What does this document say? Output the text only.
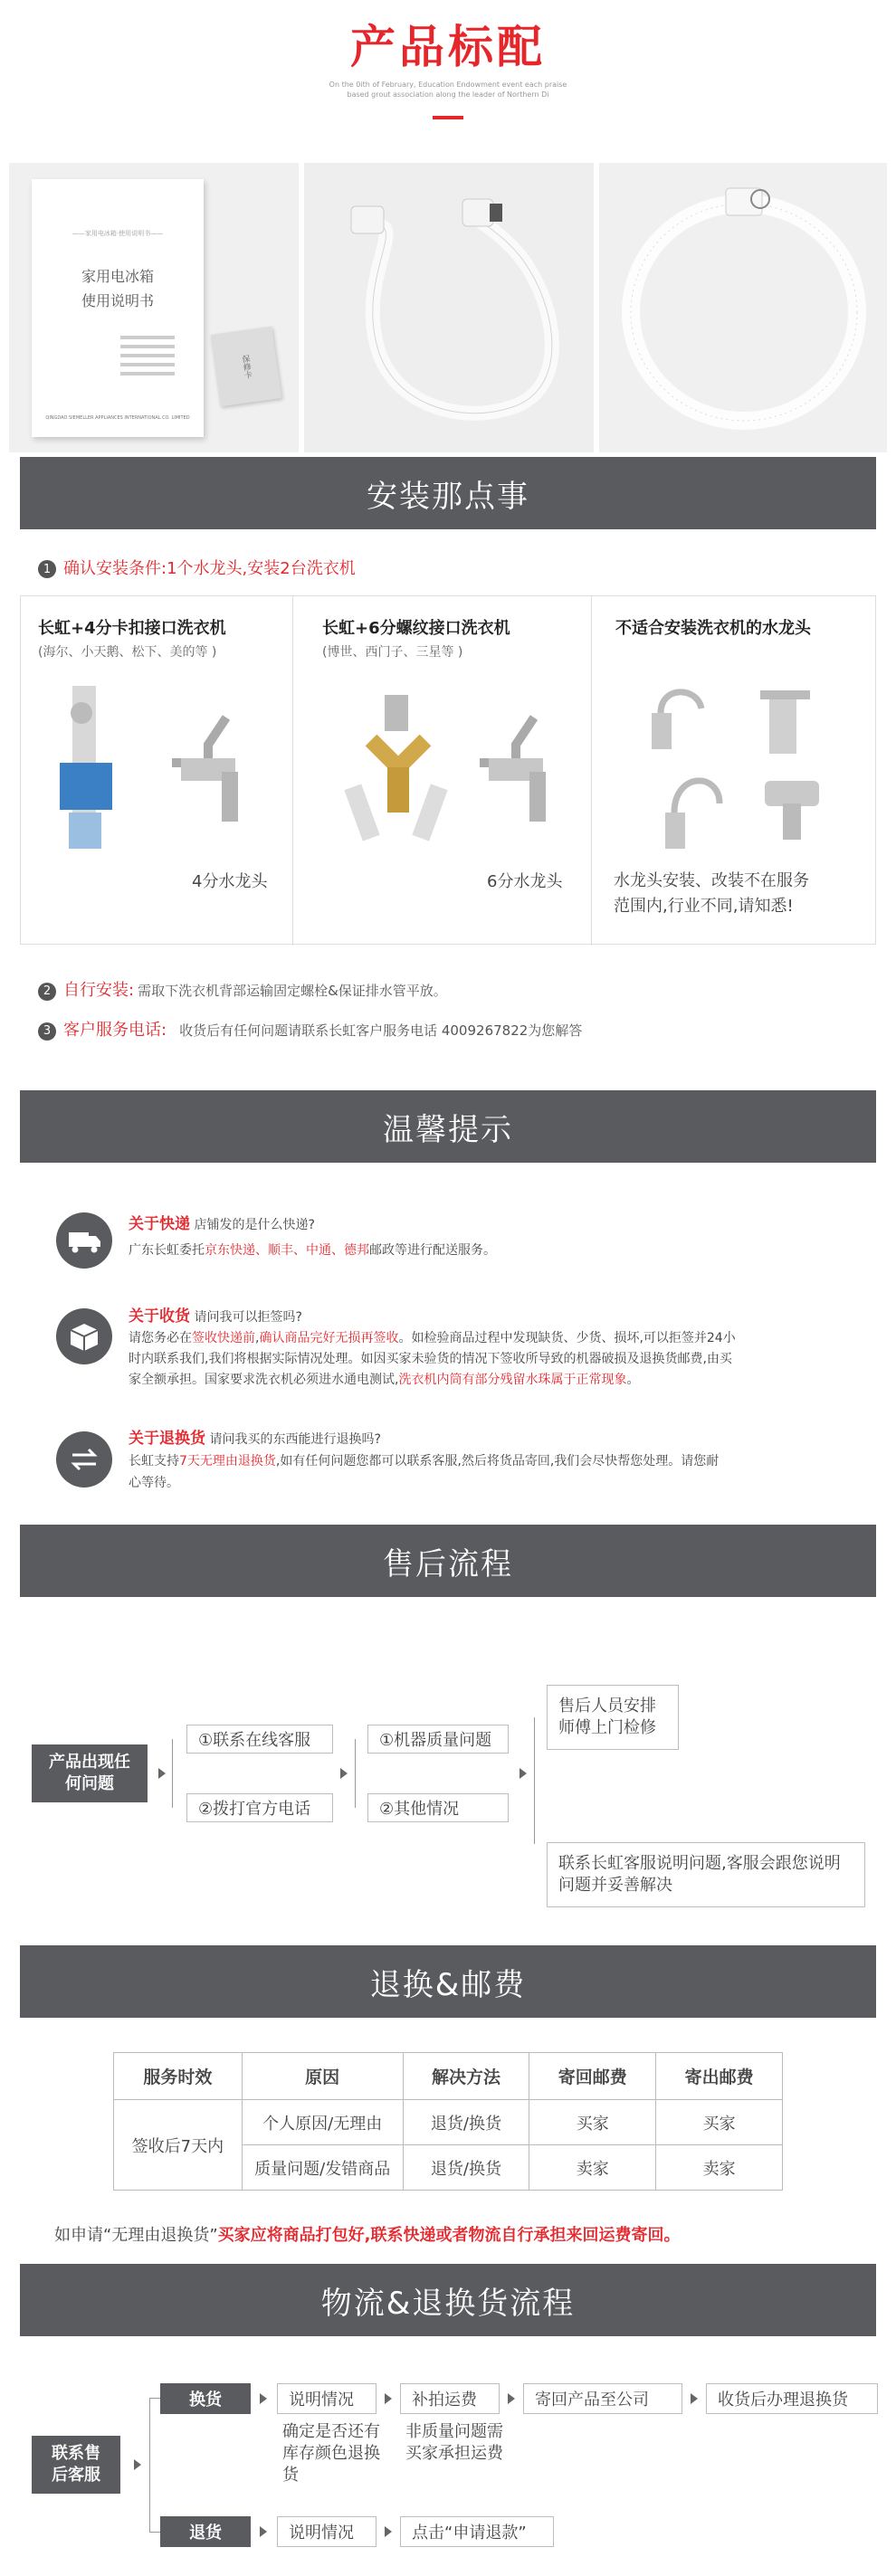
产品标配
On the 0ith of February, Education Endowment event each praise
based grout association along the leader of Northern Di
——家用电冰箱·使用说明书——
家用电冰箱
使用说明书
QINGDAO SIEMELLER APPLIANCES INTERNATIONAL CO. LIMITED
保修卡
安装那点事
1 确认安装条件:1个水龙头,安装2台洗衣机
长虹+4分卡扣接口洗衣机
(海尔、小天鹅、松下、美的等 )
4分水龙头
长虹+6分螺纹接口洗衣机
(博世、西门子、三星等 )
6分水龙头
不适合安装洗衣机的水龙头
水龙头安装、改装不在服务
范围内,行业不同,请知悉!
2 自行安装: 需取下洗衣机背部运输固定螺栓&保证排水管平放。
3 客户服务电话: 收货后有任何问题请联系长虹客户服务电话 4009267822为您解答
温馨提示
关于快递 店铺发的是什么快递?
广东长虹委托京东快递、顺丰、中通、德邦邮政等进行配送服务。
关于收货 请问我可以拒签吗?
请您务必在签收快递前,确认商品完好无损再签收。如检验商品过程中发现缺货、少货、损坏,可以拒签并24小
时内联系我们,我们将根据实际情况处理。如因买家未验货的情况下签收所导致的机器破损及退换货邮费,由买
家全额承担。国家要求洗衣机必须进水通电测试,洗衣机内筒有部分残留水珠属于正常现象。
关于退换货 请问我买的东西能进行退换吗?
长虹支持7天无理由退换货,如有任何问题您都可以联系客服,然后将货品寄回,我们会尽快帮您处理。请您耐
心等待。
售后流程
产品出现任何问题
①联系在线客服
②拨打官方电话
①机器质量问题
②其他情况
售后人员安排师傅上门检修
联系长虹客服说明问题,客服会跟您说明问题并妥善解决
退换&邮费
服务时效	原因	解决方法	寄回邮费	寄出邮费
签收后7天内	个人原因/无理由	退货/换货	买家	买家
	质量问题/发错商品	退货/换货	卖家	卖家
如申请“无理由退换货”买家应将商品打包好,联系快递或者物流自行承担来回运费寄回。
物流&退换货流程
联系售后客服
换货	说明情况	补拍运费	寄回产品至公司	收货后办理退换货
确定是否还有库存颜色退换货
非质量问题需买家承担运费
退货	说明情况	点击“申请退款”
